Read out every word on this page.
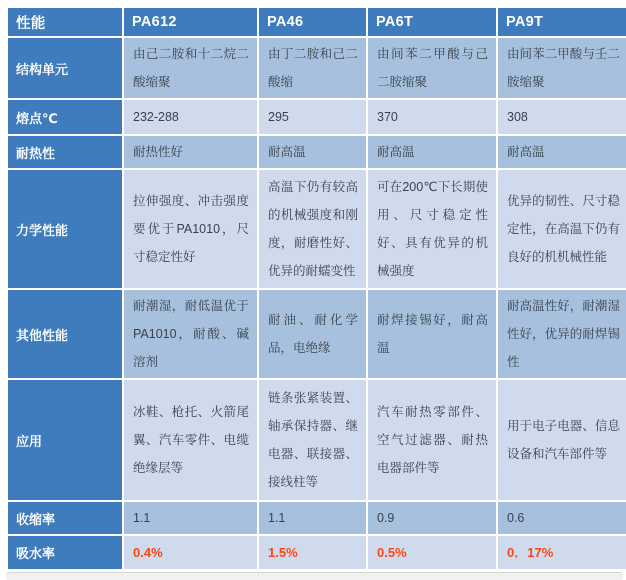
性能	PA612	PA46	PA6T	PA9T
结构单元	由己二胺和十二烷二酸缩聚	由丁二胺和己二酸缩	由间苯二甲酸与己二胺缩聚	由间苯二甲酸与壬二胺缩聚
熔点℃	232-288	295	370	308
耐热性	耐热性好	耐高温	耐高温	耐高温
力学性能	拉伸强度、冲击强度要优于PA1010，尺寸稳定性好	高温下仍有较高的机械强度和刚度，耐磨性好、优异的耐蠕变性	可在200℃下长期使用、尺寸稳定性好、具有优异的机械强度	优异的韧性、尺寸稳定性，在高温下仍有良好的机机械性能
其他性能	耐潮湿，耐低温优于PA1010，耐酸、碱溶剂	耐油、耐化学品，电绝缘	耐焊接锡好，耐高温	耐高温性好，耐潮湿性好，优异的耐焊锡性
应用	冰鞋、枪托、火箭尾翼、汽车零件、电缆绝缘层等	链条张紧装置、轴承保持器、继电器、联接器、接线柱等	汽车耐热零部件、空气过滤器、耐热电器部件等	用于电子电器、信息设备和汽车部件等
收缩率	1.1	1.1	0.9	0.6
吸水率	0.4%	1.5%	0.5%	0．17%
